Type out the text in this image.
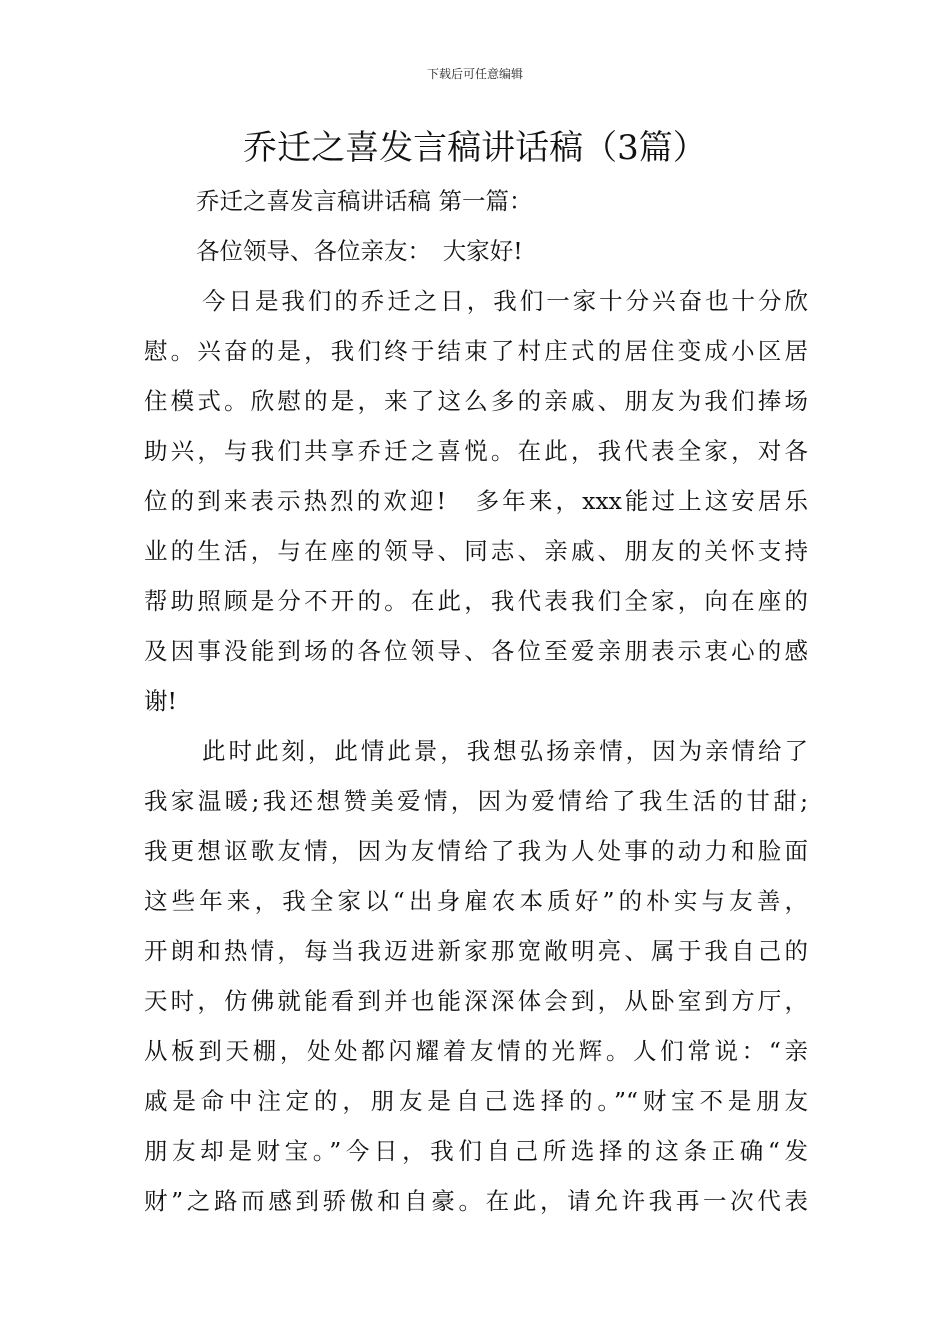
下载后可任意编辑
乔迁之喜发言稿讲话稿（3篇）
乔迁之喜发言稿讲话稿 第一篇：
各位领导、各位亲友：　大家好!
今日是我们的乔迁之日，我们一家十分兴奋也十分欣
慰。兴奋的是，我们终于结束了村庄式的居住变成小区居
住模式。欣慰的是，来了这么多的亲戚、朋友为我们捧场
助兴，与我们共享乔迁之喜悦。在此，我代表全家，对各
位的到来表示热烈的欢迎!　多年来，xxx能过上这安居乐
业的生活，与在座的领导、同志、亲戚、朋友的关怀支持
帮助照顾是分不开的。在此，我代表我们全家，向在座的
及因事没能到场的各位领导、各位至爱亲朋表示衷心的感
谢!
此时此刻，此情此景，我想弘扬亲情，因为亲情给了
我家温暖;我还想赞美爱情，因为爱情给了我生活的甘甜;
我更想讴歌友情，因为友情给了我为人处事的动力和脸面
这些年来，我全家以“出身雇农本质好”的朴实与友善，
开朗和热情，每当我迈进新家那宽敞明亮、属于我自己的
天时，仿佛就能看到并也能深深体会到，从卧室到方厅，
从板到天棚，处处都闪耀着友情的光辉。人们常说：“亲
戚是命中注定的，朋友是自己选择的。”“财宝不是朋友
朋友却是财宝。”今日，我们自己所选择的这条正确“发
财”之路而感到骄傲和自豪。在此，请允许我再一次代表
